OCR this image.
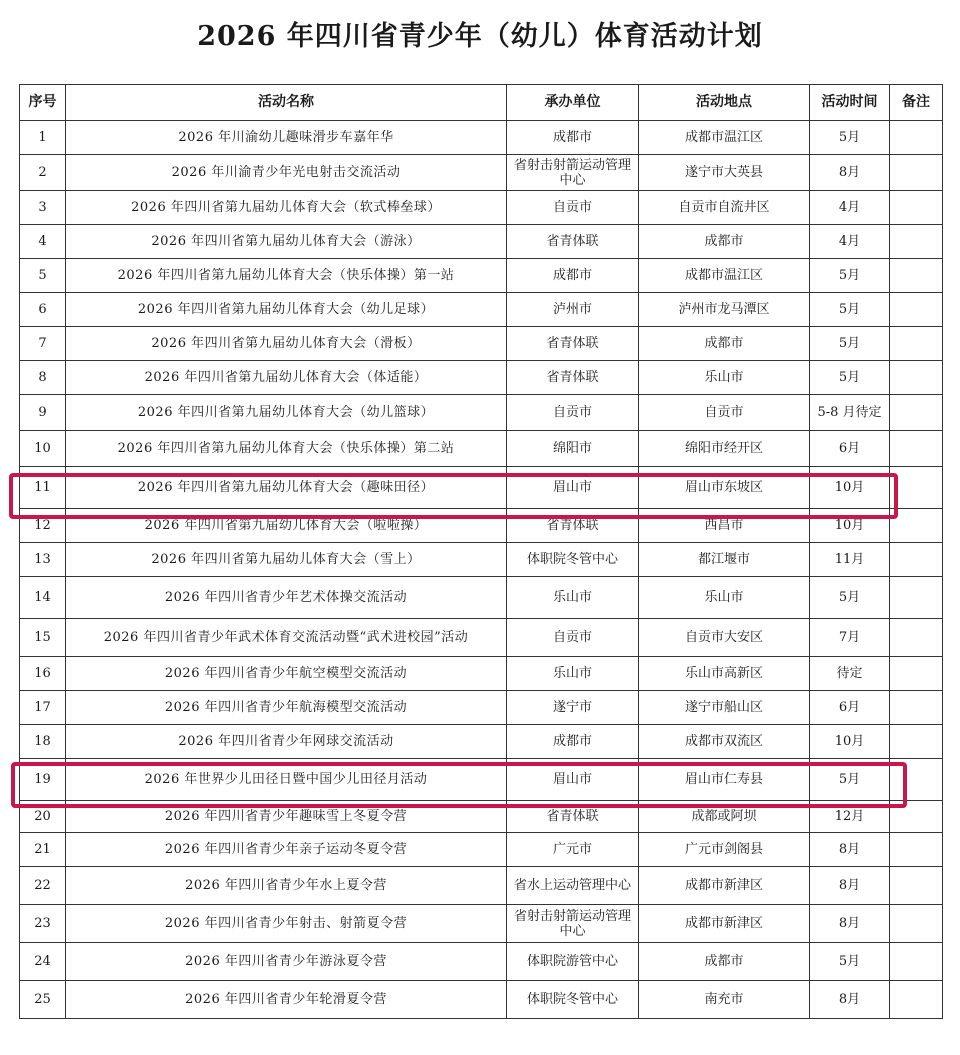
2026 年四川省青少年（幼儿）体育活动计划
序号	活动名称	承办单位	活动地点	活动时间	备注
1	2026 年川渝幼儿趣味滑步车嘉年华	成都市	成都市温江区	5月	
2	2026 年川渝青少年光电射击交流活动	省射击射箭运动管理中心	遂宁市大英县	8月	
3	2026 年四川省第九届幼儿体育大会（软式棒垒球）	自贡市	自贡市自流井区	4月	
4	2026 年四川省第九届幼儿体育大会（游泳）	省青体联	成都市	4月	
5	2026 年四川省第九届幼儿体育大会（快乐体操）第一站	成都市	成都市温江区	5月	
6	2026 年四川省第九届幼儿体育大会（幼儿足球）	泸州市	泸州市龙马潭区	5月	
7	2026 年四川省第九届幼儿体育大会（滑板）	省青体联	成都市	5月	
8	2026 年四川省第九届幼儿体育大会（体适能）	省青体联	乐山市	5月	
9	2026 年四川省第九届幼儿体育大会（幼儿篮球）	自贡市	自贡市	5-8 月待定	
10	2026 年四川省第九届幼儿体育大会（快乐体操）第二站	绵阳市	绵阳市经开区	6月	
11	2026 年四川省第九届幼儿体育大会（趣味田径）	眉山市	眉山市东坡区	10月	
12	2026 年四川省第九届幼儿体育大会（啦啦操）	省青体联	西昌市	10月	
13	2026 年四川省第九届幼儿体育大会（雪上）	体职院冬管中心	都江堰市	11月	
14	2026 年四川省青少年艺术体操交流活动	乐山市	乐山市	5月	
15	2026 年四川省青少年武术体育交流活动暨“武术进校园”活动	自贡市	自贡市大安区	7月	
16	2026 年四川省青少年航空模型交流活动	乐山市	乐山市高新区	待定	
17	2026 年四川省青少年航海模型交流活动	遂宁市	遂宁市船山区	6月	
18	2026 年四川省青少年网球交流活动	成都市	成都市双流区	10月	
19	2026 年世界少儿田径日暨中国少儿田径月活动	眉山市	眉山市仁寿县	5月	
20	2026 年四川省青少年趣味雪上冬夏令营	省青体联	成都或阿坝	12月	
21	2026 年四川省青少年亲子运动冬夏令营	广元市	广元市剑阁县	8月	
22	2026 年四川省青少年水上夏令营	省水上运动管理中心	成都市新津区	8月	
23	2026 年四川省青少年射击、射箭夏令营	省射击射箭运动管理中心	成都市新津区	8月	
24	2026 年四川省青少年游泳夏令营	体职院游管中心	成都市	5月	
25	2026 年四川省青少年轮滑夏令营	体职院冬管中心	南充市	8月	
